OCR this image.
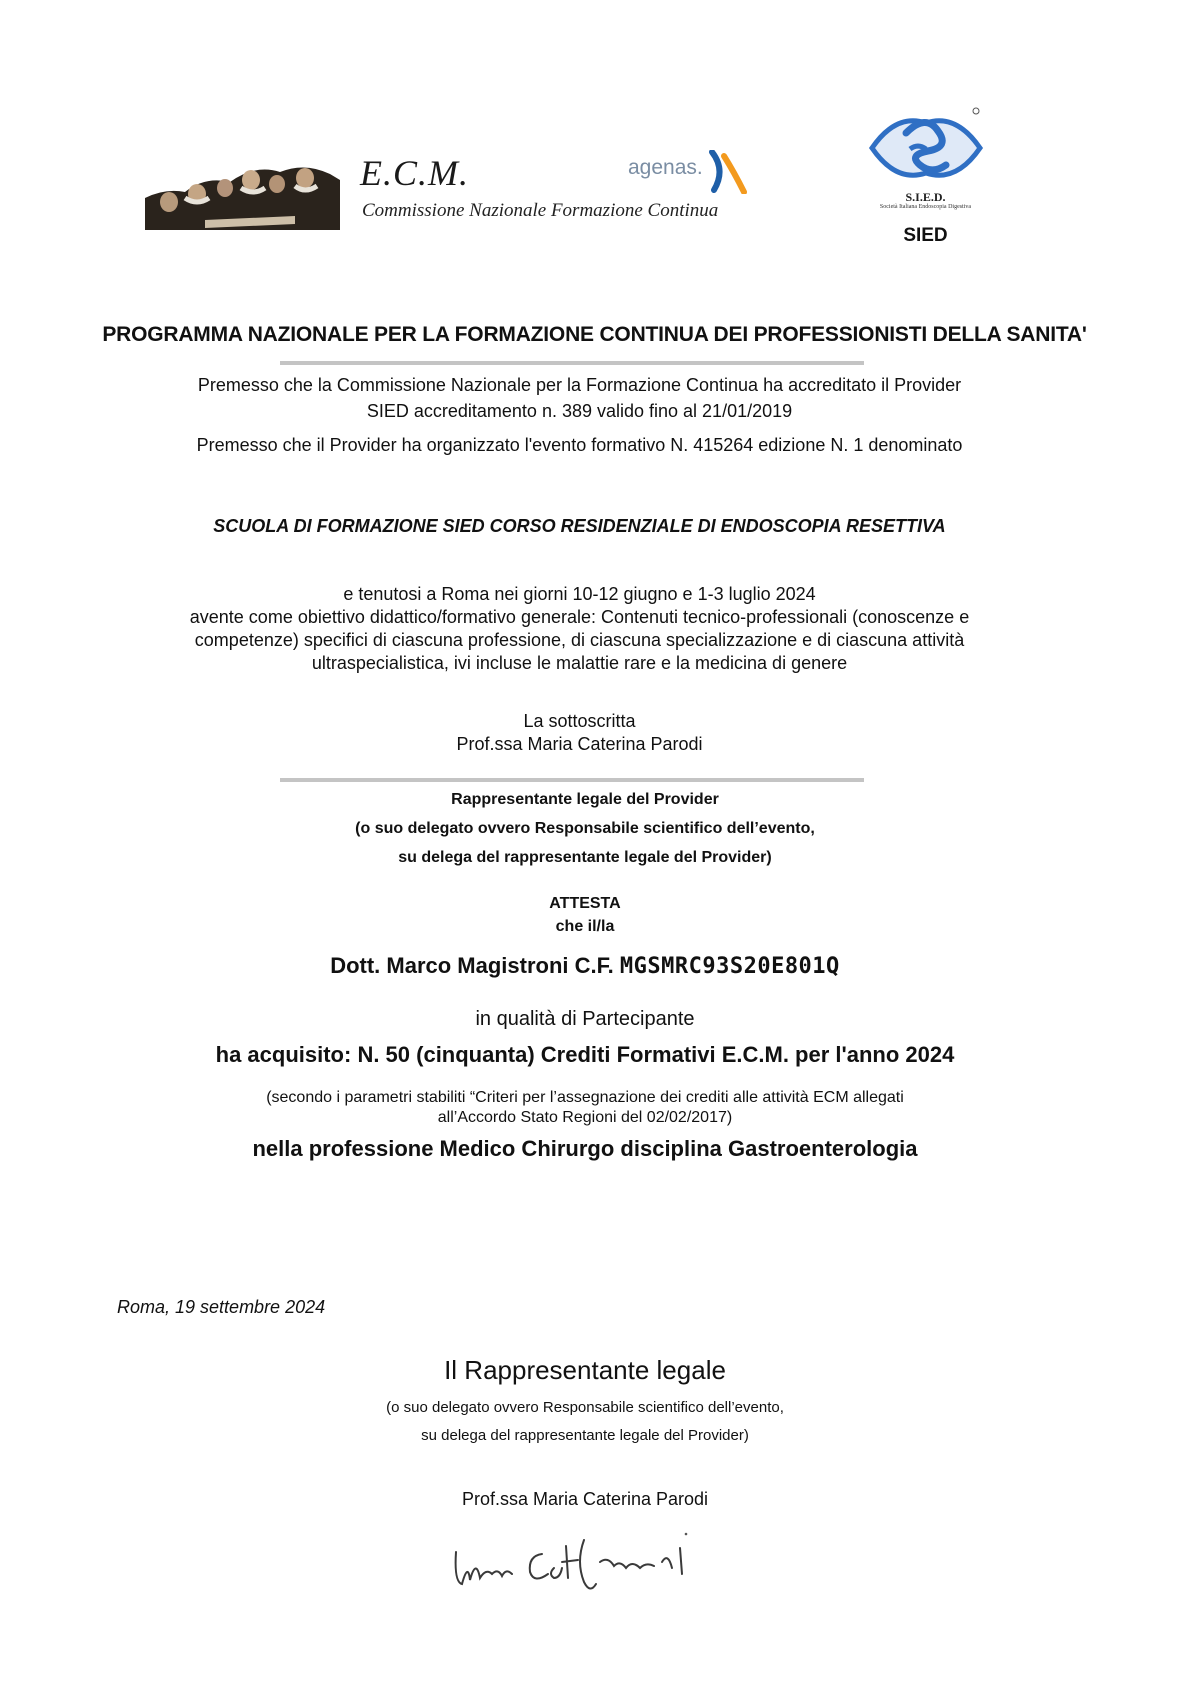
E.C.M.
Commissione Nazionale Formazione Continua
agenas.
S.I.E.D.
Società Italiana Endoscopia Digestiva
SIED
PROGRAMMA NAZIONALE PER LA FORMAZIONE CONTINUA DEI PROFESSIONISTI DELLA SANITA'
Premesso che la Commissione Nazionale per la Formazione Continua ha accreditato il Provider
SIED accreditamento n. 389 valido fino al 21/01/2019
Premesso che il Provider ha organizzato l'evento formativo N. 415264 edizione N. 1 denominato
SCUOLA DI FORMAZIONE SIED CORSO RESIDENZIALE DI ENDOSCOPIA RESETTIVA
e tenutosi a Roma nei giorni 10-12 giugno e 1-3 luglio 2024
avente come obiettivo didattico/formativo generale: Contenuti tecnico-professionali (conoscenze e
competenze) specifici di ciascuna professione, di ciascuna specializzazione e di ciascuna attività
ultraspecialistica, ivi incluse le malattie rare e la medicina di genere
La sottoscritta
Prof.ssa Maria Caterina Parodi
Rappresentante legale del Provider
(o suo delegato ovvero Responsabile scientifico dell’evento,
su delega del rappresentante legale del Provider)
ATTESTA
che il/la
Dott. Marco Magistroni C.F. MGSMRC93S20E801Q
in qualità di Partecipante
ha acquisito: N. 50 (cinquanta) Crediti Formativi E.C.M. per l'anno 2024
(secondo i parametri stabiliti “Criteri per l’assegnazione dei crediti alle attività ECM allegati
all’Accordo Stato Regioni del 02/02/2017)
nella professione Medico Chirurgo disciplina Gastroenterologia
Roma, 19 settembre 2024
Il Rappresentante legale
(o suo delegato ovvero Responsabile scientifico dell’evento,
su delega del rappresentante legale del Provider)
Prof.ssa Maria Caterina Parodi
